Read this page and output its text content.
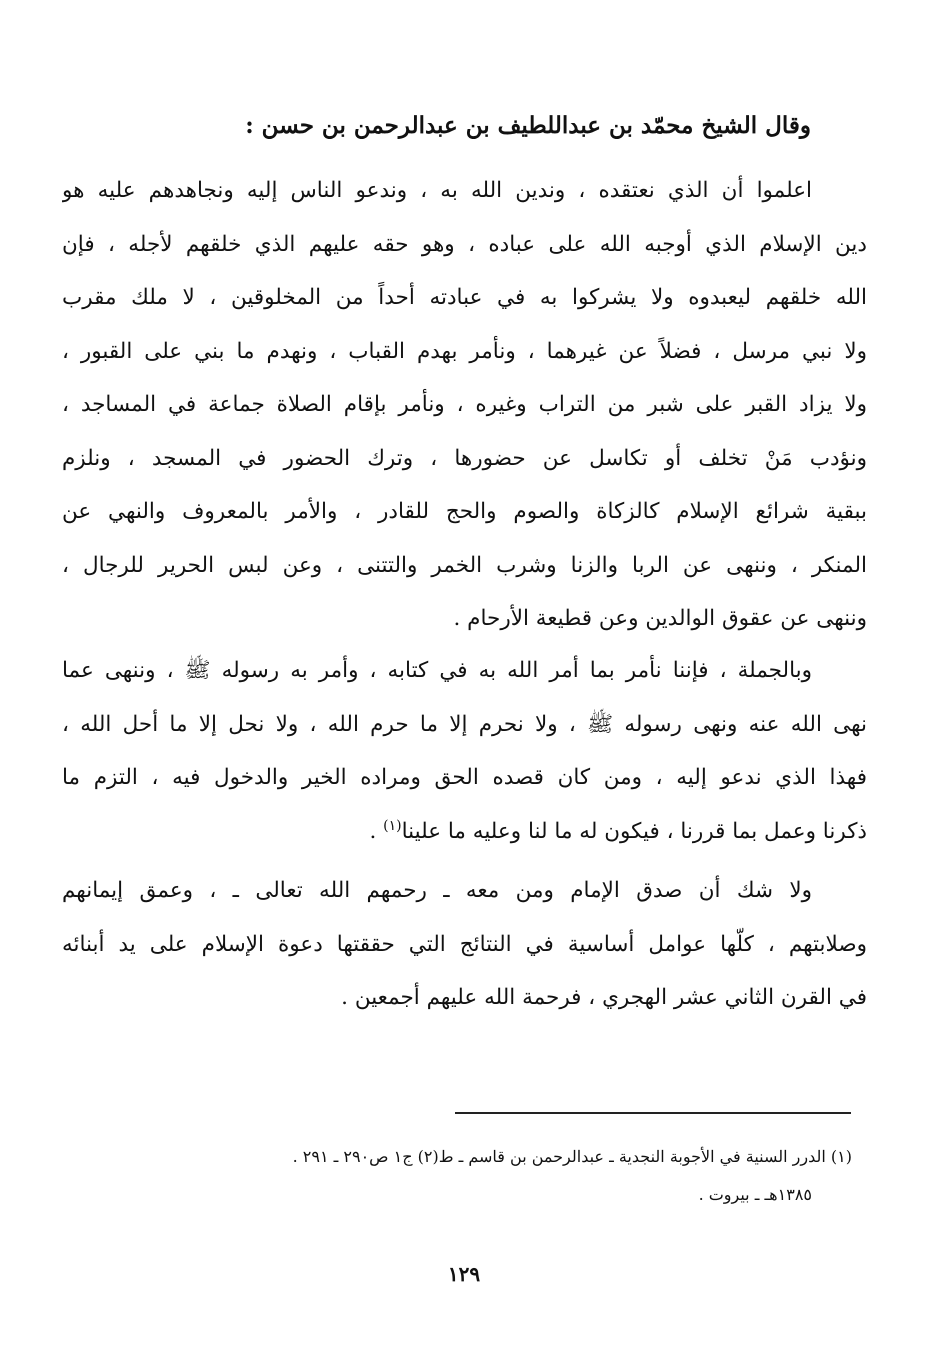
وقال الشيخ محمّد بن عبداللطيف بن عبدالرحمن بن حسن :
اعلموا أن الذي نعتقده ، وندين الله به ، وندعو الناس إليه ونجاهدهم عليه هو
دين الإسلام الذي أوجبه الله على عباده ، وهو حقه عليهم الذي خلقهم لأجله ، فإن
الله خلقهم ليعبدوه ولا يشركوا به في عبادته أحداً من المخلوقين ، لا ملك مقرب
ولا نبي مرسل ، فضلاً عن غيرهما ، ونأمر بهدم القباب ، ونهدم ما بني على القبور ،
ولا يزاد القبر على شبر من التراب وغيره ، ونأمر بإقام الصلاة جماعة في المساجد ،
ونؤدب مَنْ تخلف أو تكاسل عن حضورها ، وترك الحضور في المسجد ، ونلزم
ببقية شرائع الإسلام كالزكاة والصوم والحج للقادر ، والأمر بالمعروف والنهي عن
المنكر ، وننهى عن الربا والزنا وشرب الخمر والتتنى ، وعن لبس الحرير للرجال ،
وننهى عن عقوق الوالدين وعن قطيعة الأرحام .
وبالجملة ، فإننا نأمر بما أمر الله به في كتابه ، وأمر به رسوله ﷺ ، وننهى عما
نهى الله عنه ونهى رسوله ﷺ ، ولا نحرم إلا ما حرم الله ، ولا نحل إلا ما أحل الله ،
فهذا الذي ندعو إليه ، ومن كان قصده الحق ومراده الخير والدخول فيه ، التزم ما
ذكرنا وعمل بما قررنا ، فيكون له ما لنا وعليه ما علينا$^{(١)}$ .
ولا شك أن صدق الإمام ومن معه ـ رحمهم الله تعالى ـ ، وعمق إيمانهم
وصلابتهم ، كلّها عوامل أساسية في النتائج التي حققتها دعوة الإسلام على يد أبنائه
في القرن الثاني عشر الهجري ، فرحمة الله عليهم أجمعين .
(١) الدرر السنية في الأجوبة النجدية ـ عبدالرحمن بن قاسم ـ ط(٢) ج١ ص٢٩٠ ـ ٢٩١ .
١٣٨٥هـ ـ بيروت .
١٢٩
